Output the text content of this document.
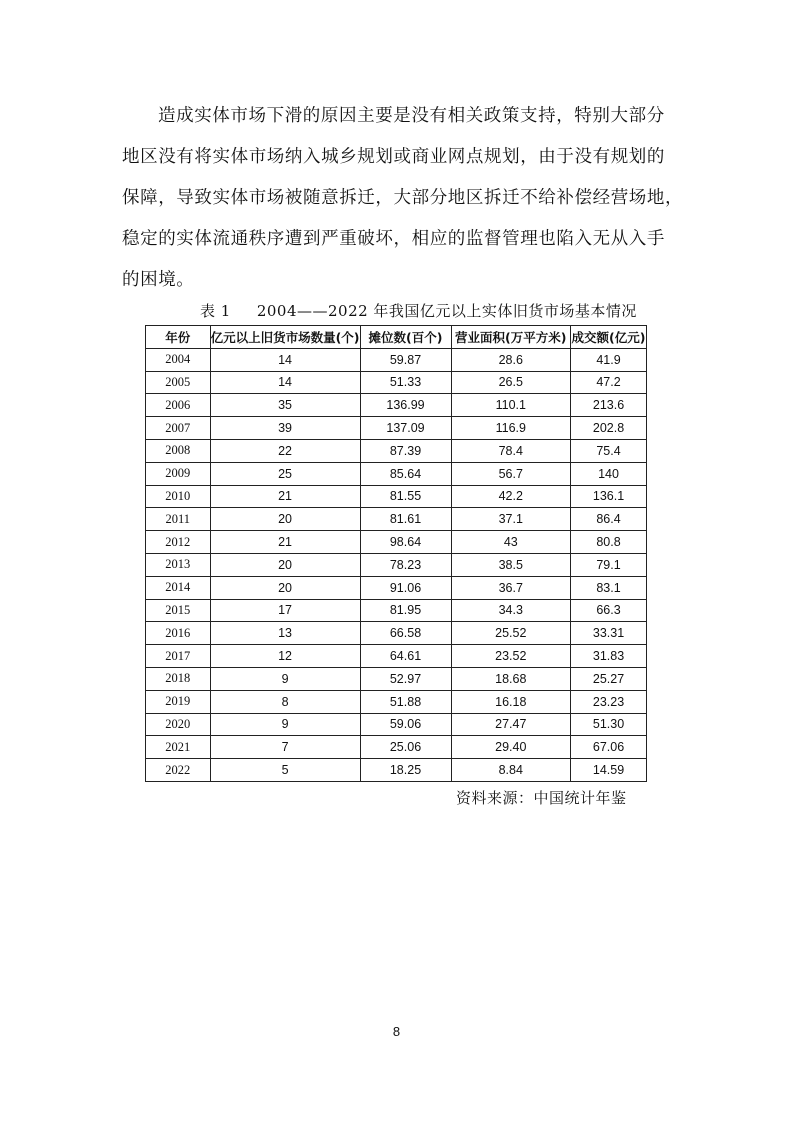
造成实体市场下滑的原因主要是没有相关政策支持，特别大部分
地区没有将实体市场纳入城乡规划或商业网点规划，由于没有规划的
保障，导致实体市场被随意拆迁，大部分地区拆迁不给补偿经营场地，
稳定的实体流通秩序遭到严重破坏，相应的监督管理也陷入无从入手
的困境。

表 1 2004——2022 年我国亿元以上实体旧货市场基本情况
年份	亿元以上旧货市场数量(个)	摊位数(百个)	营业面积(万平方米)	成交额(亿元)
2004	14	59.87	28.6	41.9
2005	14	51.33	26.5	47.2
2006	35	136.99	110.1	213.6
2007	39	137.09	116.9	202.8
2008	22	87.39	78.4	75.4
2009	25	85.64	56.7	140
2010	21	81.55	42.2	136.1
2011	20	81.61	37.1	86.4
2012	21	98.64	43	80.8
2013	20	78.23	38.5	79.1
2014	20	91.06	36.7	83.1
2015	17	81.95	34.3	66.3
2016	13	66.58	25.52	33.31
2017	12	64.61	23.52	31.83
2018	9	52.97	18.68	25.27
2019	8	51.88	16.18	23.23
2020	9	59.06	27.47	51.30
2021	7	25.06	29.40	67.06
2022	5	18.25	8.84	14.59
资料来源：中国统计年鉴
8
